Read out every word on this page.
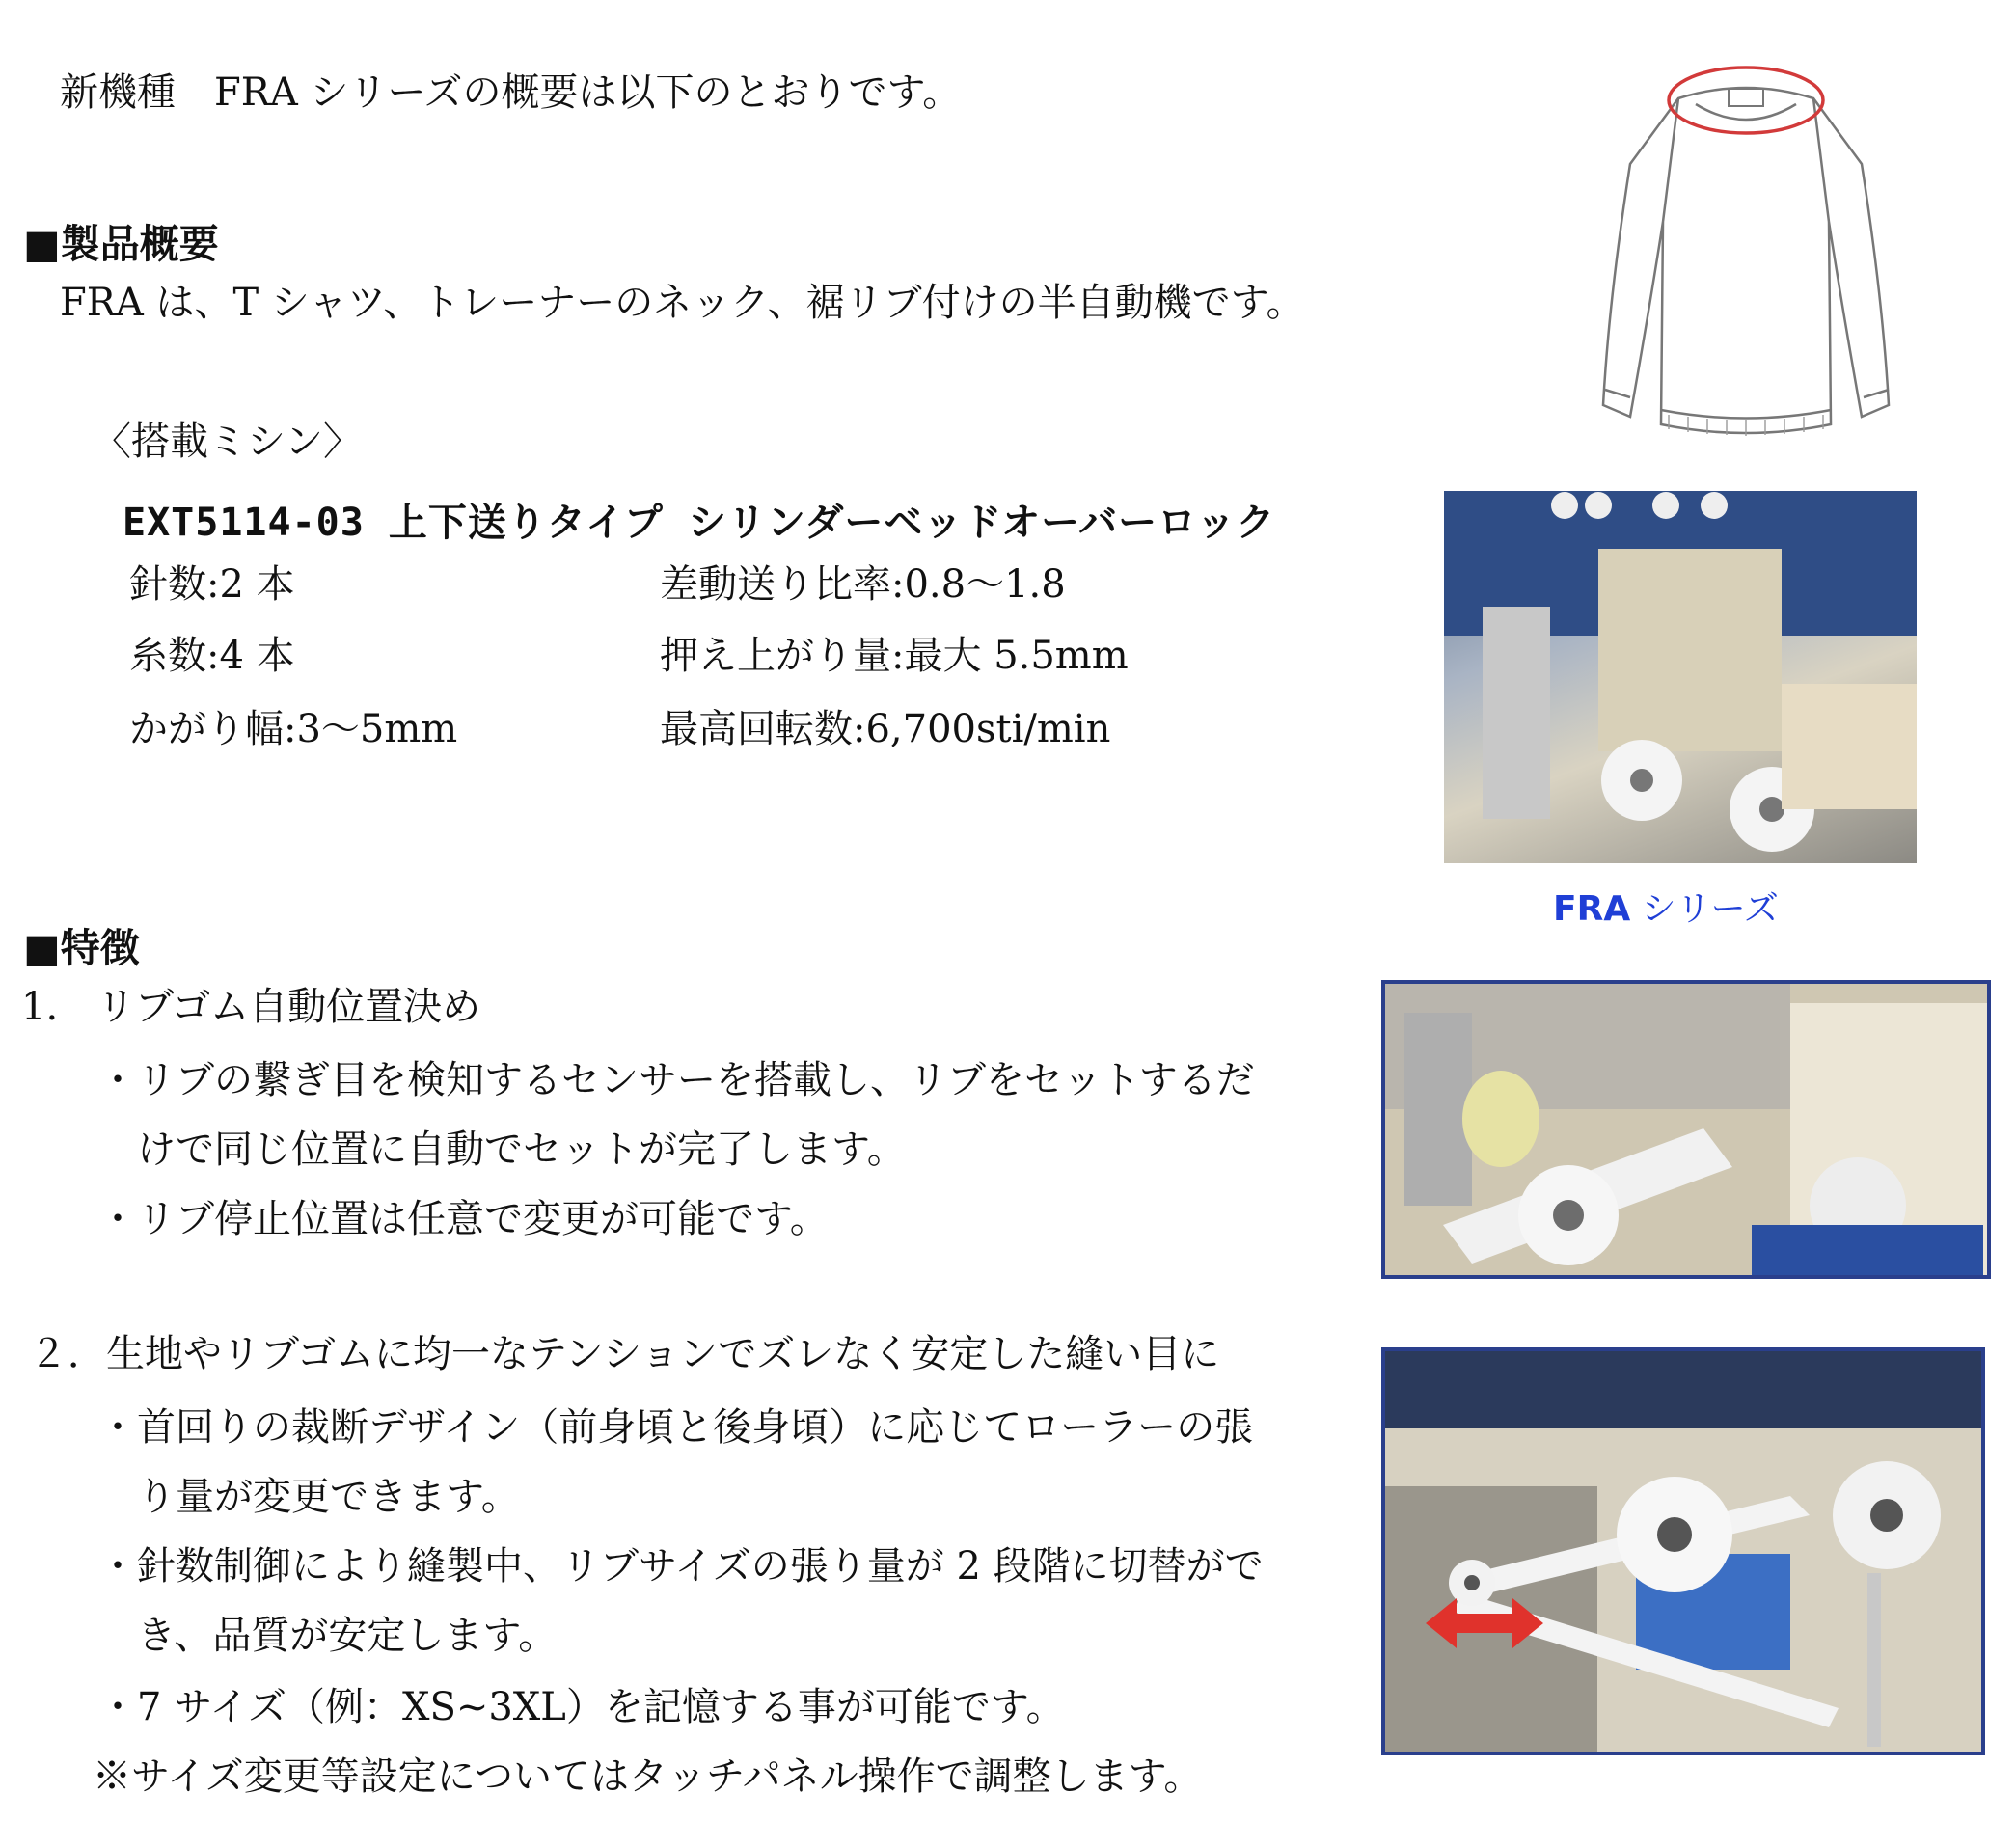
新機種　FRA シリーズの概要は以下のとおりです。
■製品概要
FRA は、T シャツ、トレーナーのネック、裾リブ付けの半自動機です。
〈搭載ミシン〉
EXT5114-03 上下送りタイプ シリンダーベッドオーバーロック
針数:2 本
糸数:4 本
かがり幅:3〜5mm
差動送り比率:0.8〜1.8
押え上がり量:最大 5.5mm
最高回転数:6,700sti/min
FRA シリーズ
■特徴
1.　リブゴム自動位置決め
・リブの繋ぎ目を検知するセンサーを搭載し、リブをセットするだ
けで同じ位置に自動でセットが完了します。
・リブ停止位置は任意で変更が可能です。
２．生地やリブゴムに均一なテンションでズレなく安定した縫い目に
・首回りの裁断デザイン（前身頃と後身頃）に応じてローラーの張
り量が変更できます。
・針数制御により縫製中、リブサイズの張り量が 2 段階に切替がで
き、品質が安定します。
・7 サイズ（例：XS~3XL）を記憶する事が可能です。
※サイズ変更等設定についてはタッチパネル操作で調整します。
